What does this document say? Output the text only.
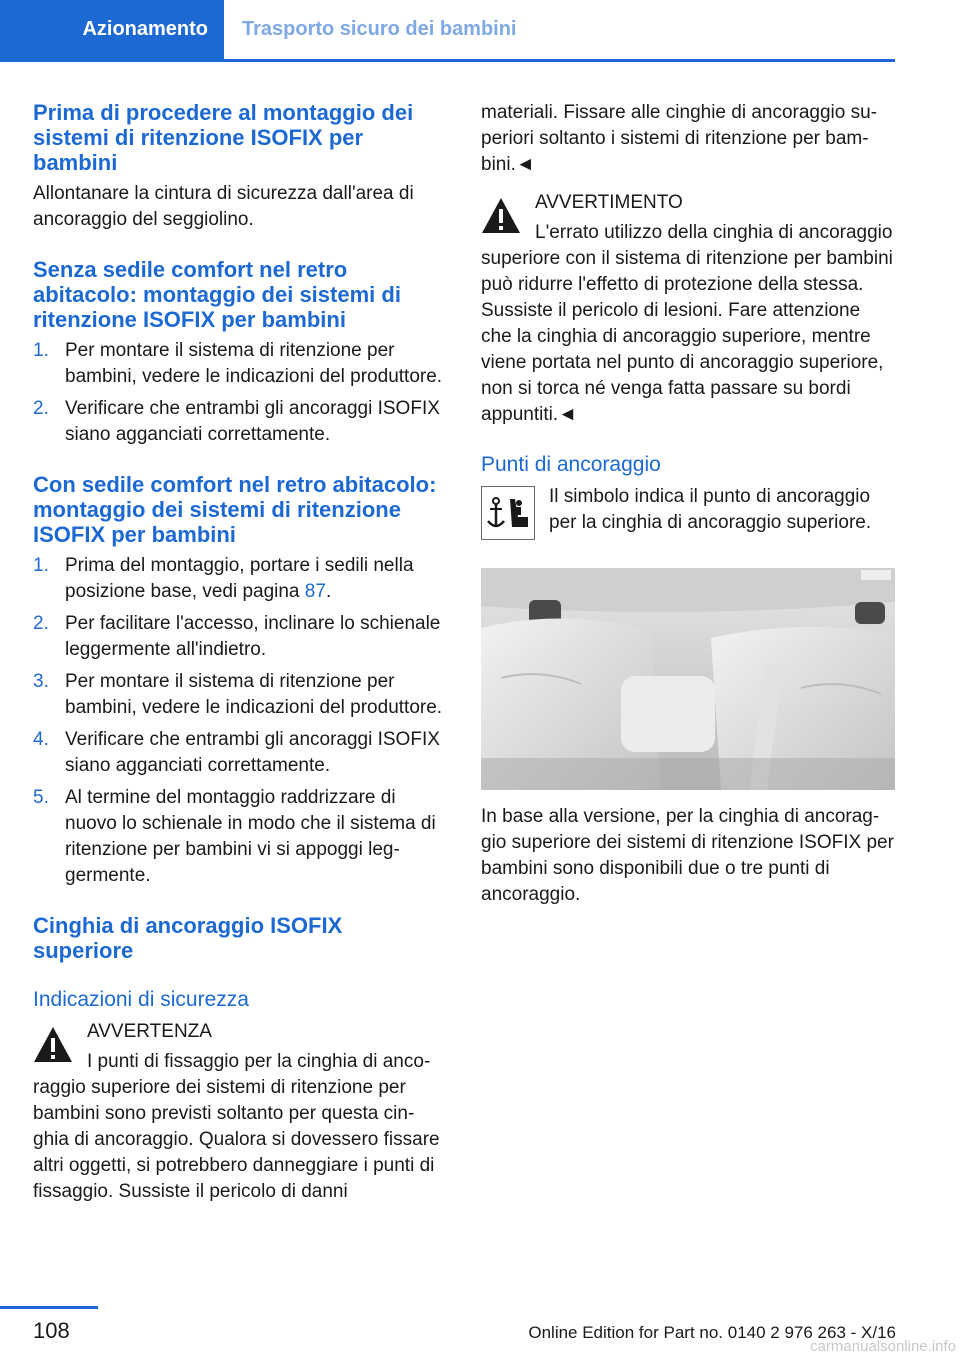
Azionamento Trasporto sicuro dei bambini
Prima di procedere al montaggio dei sistemi di ritenzione ISOFIX per bambini

Allontanare la cintura di sicurezza dall'area di ancoraggio del seggiolino.

Senza sedile comfort nel retro abitacolo: montaggio dei sistemi di ritenzione ISOFIX per bambini
1. Per montare il sistema di ritenzione per bambini, vedere le indicazioni del produttore.
2. Verificare che entrambi gli ancoraggi ISOFIX siano agganciati correttamente.
Con sedile comfort nel retro abitacolo: montaggio dei sistemi di ritenzione ISOFIX per bambini
1. Prima del montaggio, portare i sedili nella posizione base, vedi pagina 87.
2. Per facilitare l'accesso, inclinare lo schienale leggermente all'indietro.
3. Per montare il sistema di ritenzione per bambini, vedere le indicazioni del produttore.
4. Verificare che entrambi gli ancoraggi ISOFIX siano agganciati correttamente.
5. Al termine del montaggio raddrizzare di nuovo lo schienale in modo che il sistema di ritenzione per bambini vi si appoggi leggermente.
Cinghia di ancoraggio ISOFIX superiore
Indicazioni di sicurezza

AVVERTENZA

I punti di fissaggio per la cinghia di ancoraggio superiore dei sistemi di ritenzione per bambini sono previsti soltanto per questa cinghia di ancoraggio. Qualora si dovessero fissare altri oggetti, si potrebbero danneggiare i punti di fissaggio. Sussiste il pericolo di danni

materiali. Fissare alle cinghie di ancoraggio superiori soltanto i sistemi di ritenzione per bambini.◄

AVVERTIMENTO

L'errato utilizzo della cinghia di ancoraggio superiore con il sistema di ritenzione per bambini può ridurre l'effetto di protezione della stessa. Sussiste il pericolo di lesioni. Fare attenzione che la cinghia di ancoraggio superiore, mentre viene portata nel punto di ancoraggio superiore, non si torca né venga fatta passare su bordi appuntiti.◄

Punti di ancoraggio

Il simbolo indica il punto di ancoraggio per la cinghia di ancoraggio superiore.

In base alla versione, per la cinghia di ancoraggio superiore dei sistemi di ritenzione ISOFIX per bambini sono disponibili due o tre punti di ancoraggio.

108	Online Edition for Part no. 0140 2 976 263 - X/16
carmanualsonline.info
